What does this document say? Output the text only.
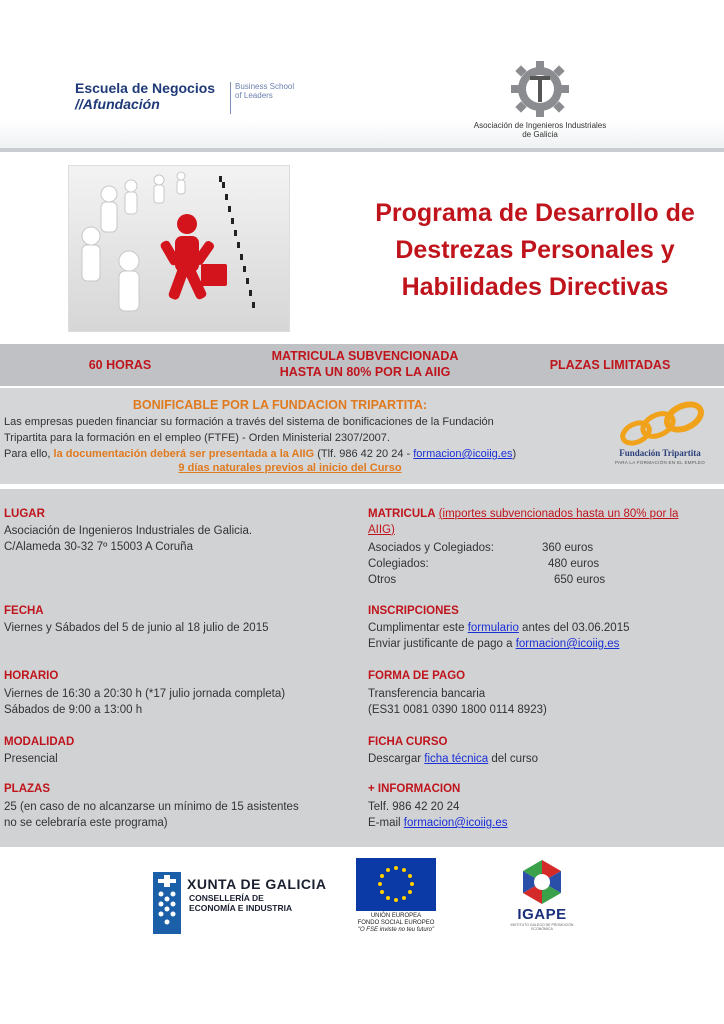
Escuela de Negocios
//Afundación
Business School of Leaders
Asociación de Ingenieros Industriales de Galicia
Programa de Desarrollo de
Destrezas Personales y
Habilidades Directivas
60 HORAS
MATRICULA SUBVENCIONADA
HASTA UN 80% POR LA AIIG	PLAZAS LIMITADAS
BONIFICABLE POR LA FUNDACION TRIPARTITA:
Las empresas pueden financiar su formación a través del sistema de bonificaciones de la Fundación
Tripartita para la formación en el empleo (FTFE) - Orden Ministerial 2307/2007.
Para ello, la documentación deberá ser presentada a la AIIG (Tlf. 986 42 20 24 - formacion@icoiig.es)
9 días naturales previos al inicio del Curso
Fundación Tripartita
PARA LA FORMACIÓN EN EL EMPLEO
LUGAR
Asociación de Ingenieros Industriales de Galicia.
C/Alameda 30-32 7º 15003 A Coruña
FECHA
Viernes y Sábados del 5 de junio al 18 julio de 2015
HORARIO
Viernes de 16:30 a 20:30 h (*17 julio jornada completa)
Sábados de 9:00 a 13:00 h
MODALIDAD
Presencial
PLAZAS
25 (en caso de no alcanzarse un mínimo de 15 asistentes
no se celebraría este programa)
MATRICULA (importes subvencionados hasta un 80% por la
AIIG)
Asociados y Colegiados:	360 euros
Colegiados:	480 euros
Otros	650 euros
INSCRIPCIONES
Cumplimentar este formulario antes del 03.06.2015
Enviar justificante de pago a formacion@icoiig.es
FORMA DE PAGO
Transferencia bancaria
(ES31 0081 0390 1800 0114 8923)
FICHA CURSO
Descargar ficha técnica del curso
+ INFORMACION
Telf. 986 42 20 24
E-mail formacion@icoiig.es
XUNTA DE GALICIA
CONSELLERÍA DE
ECONOMÍA E INDUSTRIA
UNIÓN EUROPEA
FONDO SOCIAL EUROPEO
"O FSE inviste no teu futuro"
IGAPE
INSTITUTO GALEGO DE PROMOCIÓN ECONÓMICA
